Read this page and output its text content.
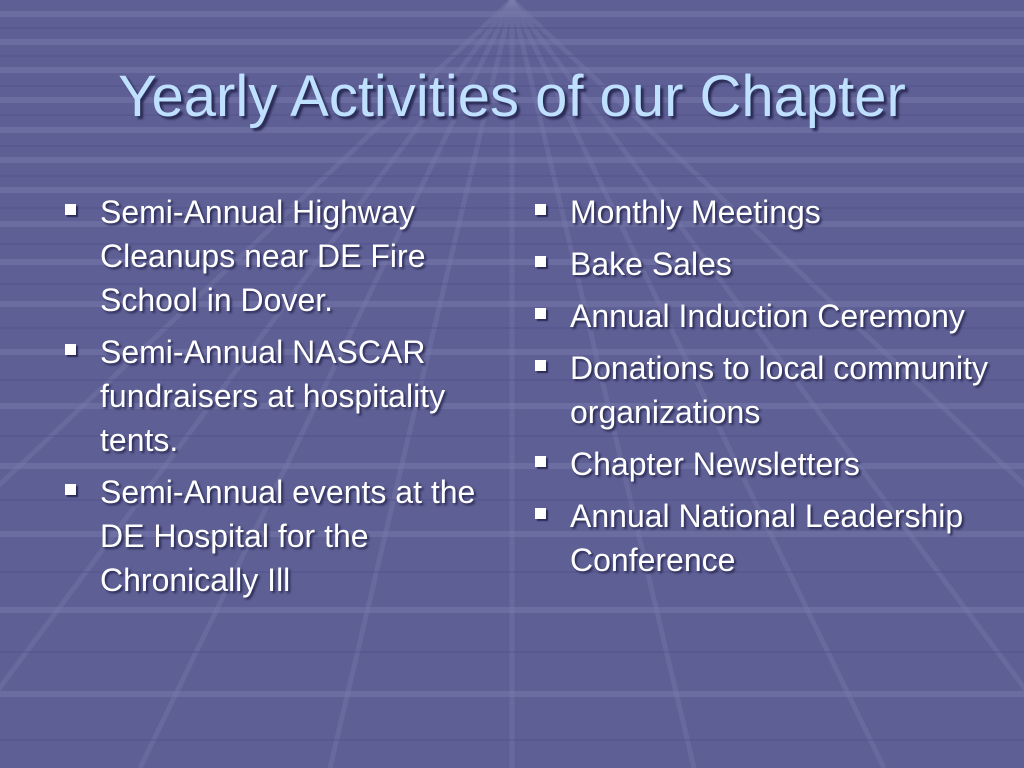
Yearly Activities of our Chapter
Semi-Annual Highway Cleanups near DE Fire School in Dover.
Semi-Annual NASCAR fundraisers at hospitality tents.
Semi-Annual events at the DE Hospital for the Chronically Ill
Monthly Meetings
Bake Sales
Annual Induction Ceremony
Donations to local community organizations
Chapter Newsletters
Annual National Leadership Conference
